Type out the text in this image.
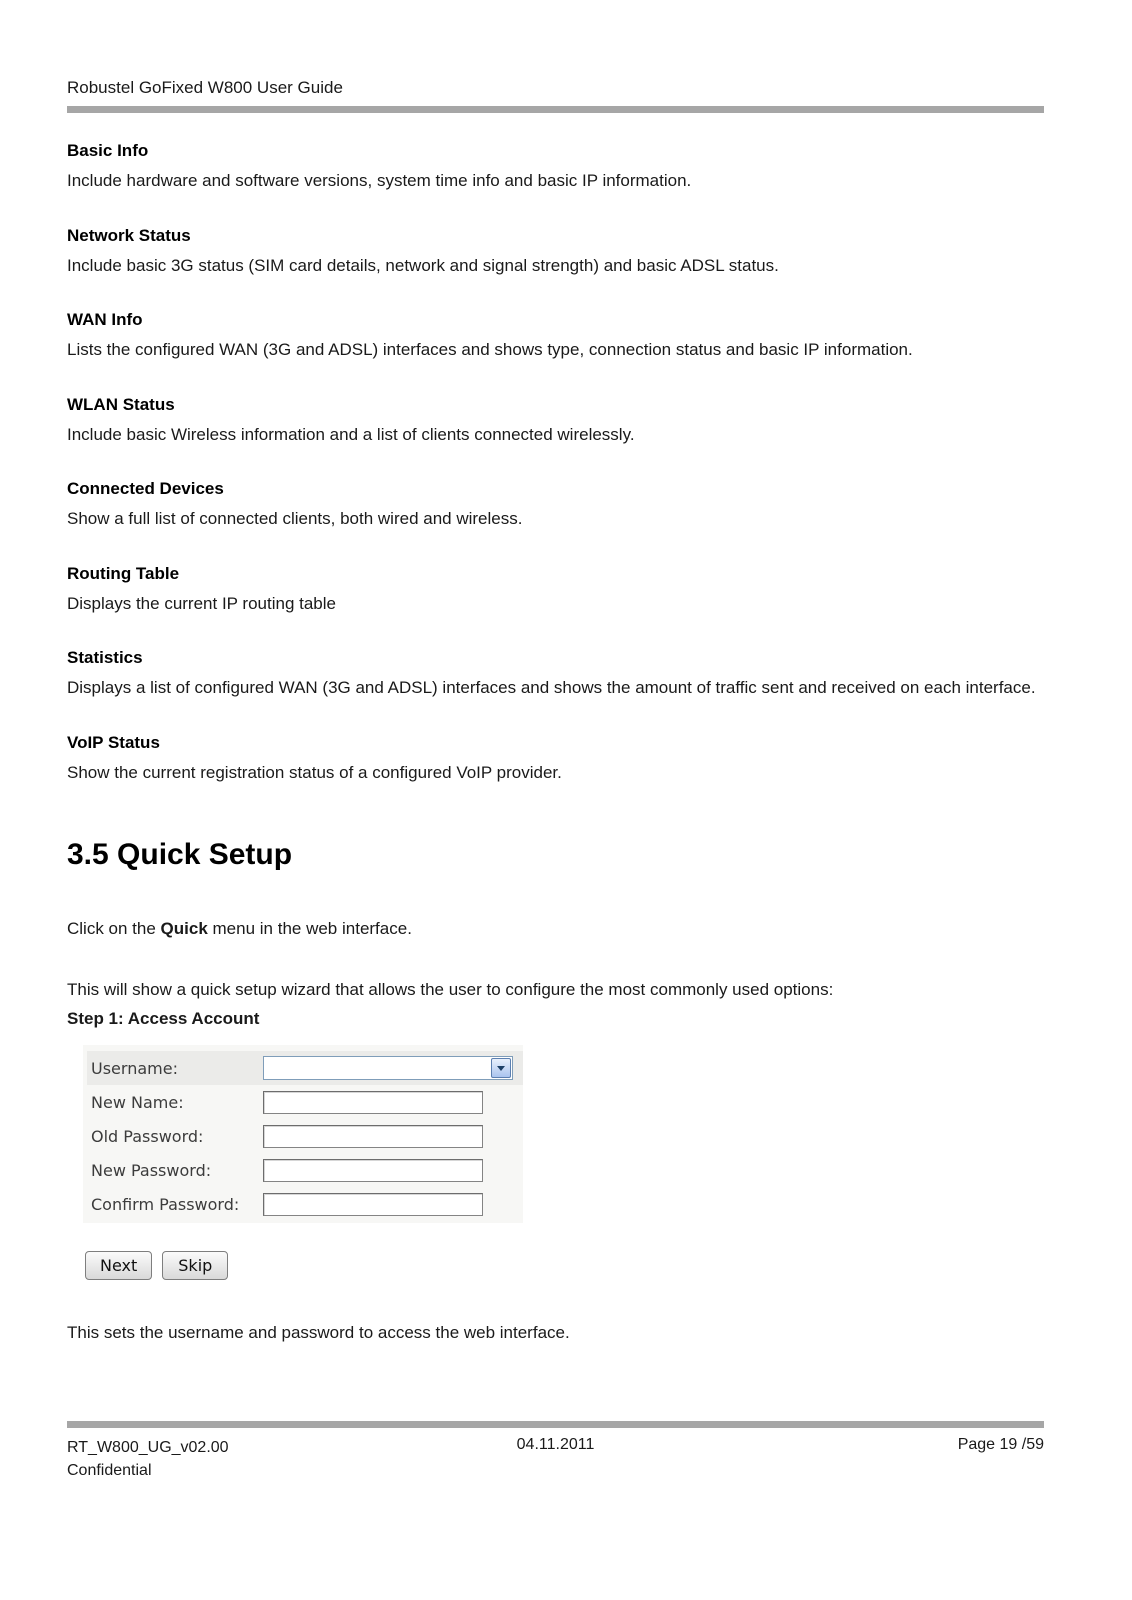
Robustel GoFixed W800 User Guide
Basic Info

Include hardware and software versions, system time info and basic IP information.

Network Status

Include basic 3G status (SIM card details, network and signal strength) and basic ADSL status.

WAN Info

Lists the configured WAN (3G and ADSL) interfaces and shows type, connection status and basic IP information.

WLAN Status

Include basic Wireless information and a list of clients connected wirelessly.

Connected Devices

Show a full list of connected clients, both wired and wireless.

Routing Table

Displays the current IP routing table

Statistics

Displays a list of configured WAN (3G and ADSL) interfaces and shows the amount of traffic sent and received on each interface.

VoIP Status

Show the current registration status of a configured VoIP provider.

3.5 Quick Setup

Click on the Quick menu in the web interface.

This will show a quick setup wizard that allows the user to configure the most commonly used options:

Step 1: Access Account
Username:
New Name:
Old Password:
New Password:
Confirm Password:
Next	Skip

This sets the username and password to access the web interface.

RT_W800_UG_v02.00
Confidential
04.11.2011	Page 19 /59
